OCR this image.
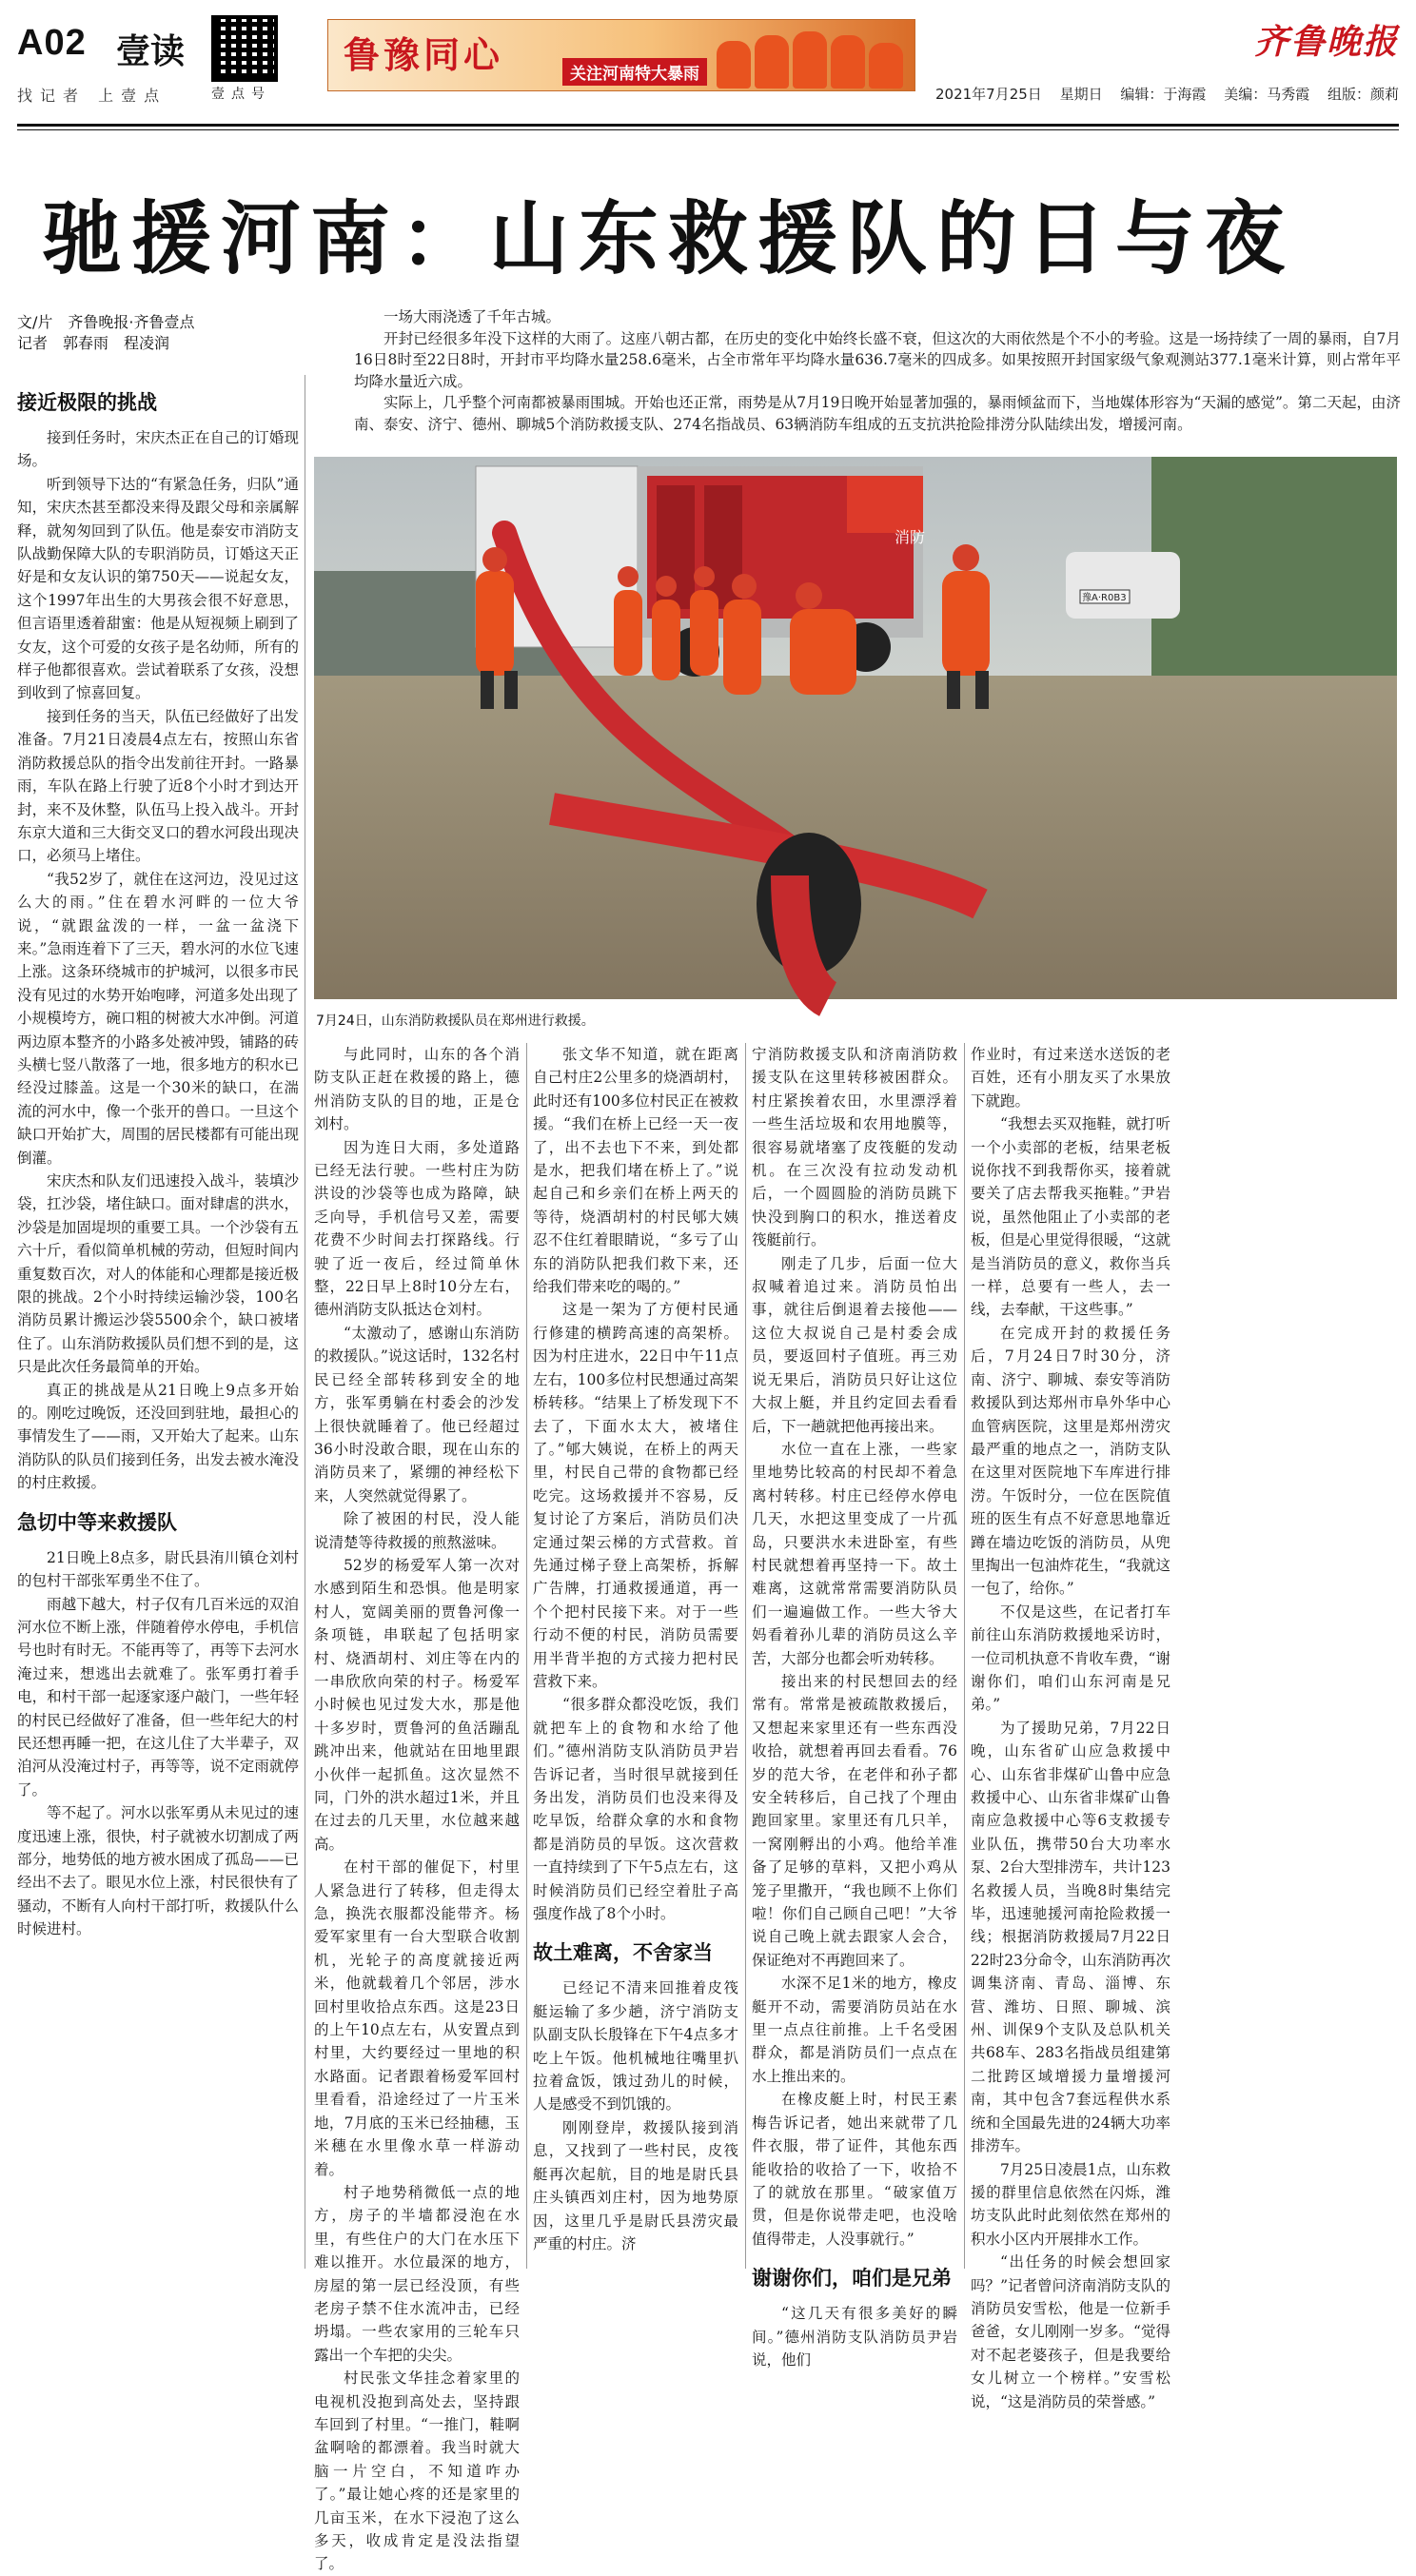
A02 壹读
找记者 上壹点	壹点号
鲁豫同心	关注河南特大暴雨
齐鲁晚报
2021年7月25日 星期日 编辑：于海霞 美编：马秀霞 组版：颜莉
驰援河南：山东救援队的日与夜
文/片　齐鲁晚报·齐鲁壹点
记者　郭春雨　程凌润

一场大雨浇透了千年古城。

开封已经很多年没下这样的大雨了。这座八朝古都，在历史的变化中始终长盛不衰，但这次的大雨依然是个不小的考验。这是一场持续了一周的暴雨，自7月16日8时至22日8时，开封市平均降水量258.6毫米，占全市常年平均降水量636.7毫米的四成多。如果按照开封国家级气象观测站377.1毫米计算，则占常年平均降水量近六成。

实际上，几乎整个河南都被暴雨围城。开始也还正常，雨势是从7月19日晚开始显著加强的，暴雨倾盆而下，当地媒体形容为“天漏的感觉”。第二天起，由济南、泰安、济宁、德州、聊城5个消防救援支队、274名指战员、63辆消防车组成的五支抗洪抢险排涝分队陆续出发，增援河南。

接近极限的挑战

接到任务时，宋庆杰正在自己的订婚现场。

听到领导下达的“有紧急任务，归队”通知，宋庆杰甚至都没来得及跟父母和亲属解释，就匆匆回到了队伍。他是泰安市消防支队战勤保障大队的专职消防员，订婚这天正好是和女友认识的第750天——说起女友，这个1997年出生的大男孩会很不好意思，但言语里透着甜蜜：他是从短视频上刷到了女友，这个可爱的女孩子是名幼师，所有的样子他都很喜欢。尝试着联系了女孩，没想到收到了惊喜回复。

接到任务的当天，队伍已经做好了出发准备。7月21日凌晨4点左右，按照山东省消防救援总队的指令出发前往开封。一路暴雨，车队在路上行驶了近8个小时才到达开封，来不及休整，队伍马上投入战斗。开封东京大道和三大街交叉口的碧水河段出现决口，必须马上堵住。

“我52岁了，就住在这河边，没见过这么大的雨。”住在碧水河畔的一位大爷说，“就跟盆泼的一样，一盆一盆浇下来。”急雨连着下了三天，碧水河的水位飞速上涨。这条环绕城市的护城河，以很多市民没有见过的水势开始咆哮，河道多处出现了小规模垮方，碗口粗的树被大水冲倒。河道两边原本整齐的小路多处被冲毁，铺路的砖头横七竖八散落了一地，很多地方的积水已经没过膝盖。这是一个30米的缺口，在湍流的河水中，像一个张开的兽口。一旦这个缺口开始扩大，周围的居民楼都有可能出现倒灌。

宋庆杰和队友们迅速投入战斗，装填沙袋，扛沙袋，堵住缺口。面对肆虐的洪水，沙袋是加固堤坝的重要工具。一个沙袋有五六十斤，看似简单机械的劳动，但短时间内重复数百次，对人的体能和心理都是接近极限的挑战。2个小时持续运输沙袋，100名消防员累计搬运沙袋5500余个，缺口被堵住了。山东消防救援队员们想不到的是，这只是此次任务最简单的开始。

真正的挑战是从21日晚上9点多开始的。刚吃过晚饭，还没回到驻地，最担心的事情发生了——雨，又开始大了起来。山东消防队的队员们接到任务，出发去被水淹没的村庄救援。

急切中等来救援队

21日晚上8点多，尉氏县洧川镇仓刘村的包村干部张军勇坐不住了。

雨越下越大，村子仅有几百米远的双洎河水位不断上涨，伴随着停水停电，手机信号也时有时无。不能再等了，再等下去河水淹过来，想逃出去就难了。张军勇打着手电，和村干部一起逐家逐户敲门，一些年轻的村民已经做好了准备，但一些年纪大的村民还想再睡一把，在这儿住了大半辈子，双洎河从没淹过村子，再等等，说不定雨就停了。

等不起了。河水以张军勇从未见过的速度迅速上涨，很快，村子就被水切割成了两部分，地势低的地方被水困成了孤岛——已经出不去了。眼见水位上涨，村民很快有了骚动，不断有人向村干部打听，救援队什么时候进村。

消防
豫A·R0B3
7月24日，山东消防救援队员在郑州进行救援。

与此同时，山东的各个消防支队正赶在救援的路上，德州消防支队的目的地，正是仓刘村。

因为连日大雨，多处道路已经无法行驶。一些村庄为防洪设的沙袋等也成为路障，缺乏向导，手机信号又差，需要花费不少时间去打探路线。行驶了近一夜后，经过简单休整，22日早上8时10分左右，德州消防支队抵达仓刘村。

“太激动了，感谢山东消防的救援队。”说这话时，132名村民已经全部转移到安全的地方，张军勇躺在村委会的沙发上很快就睡着了。他已经超过36小时没敢合眼，现在山东的消防员来了，紧绷的神经松下来，人突然就觉得累了。

除了被困的村民，没人能说清楚等待救援的煎熬滋味。

52岁的杨爱军人第一次对水感到陌生和恐惧。他是明家村人，宽阔美丽的贾鲁河像一条项链，串联起了包括明家村、烧酒胡村、刘庄等在内的一串欣欣向荣的村子。杨爱军小时候也见过发大水，那是他十多岁时，贾鲁河的鱼活蹦乱跳冲出来，他就站在田地里跟小伙伴一起抓鱼。这次显然不同，门外的洪水超过1米，并且在过去的几天里，水位越来越高。

在村干部的催促下，村里人紧急进行了转移，但走得太急，换洗衣服都没能带齐。杨爱军家里有一台大型联合收割机，光轮子的高度就接近两米，他就载着几个邻居，涉水回村里收拾点东西。这是23日的上午10点左右，从安置点到村里，大约要经过一里地的积水路面。记者跟着杨爱军回村里看看，沿途经过了一片玉米地，7月底的玉米已经抽穗，玉米穗在水里像水草一样游动着。

村子地势稍微低一点的地方，房子的半墙都浸泡在水里，有些住户的大门在水压下难以推开。水位最深的地方，房屋的第一层已经没顶，有些老房子禁不住水流冲击，已经坍塌。一些农家用的三轮车只露出一个车把的尖尖。

村民张文华挂念着家里的电视机没抱到高处去，坚持跟车回到了村里。“一推门，鞋啊盆啊啥的都漂着。我当时就大脑一片空白，不知道咋办了。”最让她心疼的还是家里的几亩玉米，在水下浸泡了这么多天，收成肯定是没法指望了。

张文华不知道，就在距离自己村庄2公里多的烧酒胡村，此时还有100多位村民正在被救援。“我们在桥上已经一天一夜了，出不去也下不来，到处都是水，把我们堵在桥上了。”说起自己和乡亲们在桥上两天的等待，烧酒胡村的村民郇大姨忍不住红着眼睛说，“多亏了山东的消防队把我们救下来，还给我们带来吃的喝的。”

这是一架为了方便村民通行修建的横跨高速的高架桥。因为村庄进水，22日中午11点左右，100多位村民想通过高架桥转移。“结果上了桥发现下不去了，下面水太大，被堵住了。”郇大姨说，在桥上的两天里，村民自己带的食物都已经吃完。这场救援并不容易，反复讨论了方案后，消防员们决定通过架云梯的方式营救。首先通过梯子登上高架桥，拆解广告牌，打通救援通道，再一个个把村民接下来。对于一些行动不便的村民，消防员需要用半背半抱的方式接力把村民营救下来。

“很多群众都没吃饭，我们就把车上的食物和水给了他们。”德州消防支队消防员尹岩告诉记者，当时很早就接到任务出发，消防员们也没来得及吃早饭，给群众拿的水和食物都是消防员的早饭。这次营救一直持续到了下午5点左右，这时候消防员们已经空着肚子高强度作战了8个小时。

故土难离，不舍家当

已经记不清来回推着皮筏艇运输了多少趟，济宁消防支队副支队长殷锋在下午4点多才吃上午饭。他机械地往嘴里扒拉着盒饭，饿过劲儿的时候，人是感受不到饥饿的。

刚刚登岸，救援队接到消息，又找到了一些村民，皮筏艇再次起航，目的地是尉氏县庄头镇西刘庄村，因为地势原因，这里几乎是尉氏县涝灾最严重的村庄。济

宁消防救援支队和济南消防救援支队在这里转移被困群众。村庄紧挨着农田，水里漂浮着一些生活垃圾和农用地膜等，很容易就堵塞了皮筏艇的发动机。在三次没有拉动发动机后，一个圆圆脸的消防员跳下快没到胸口的积水，推送着皮筏艇前行。

刚走了几步，后面一位大叔喊着追过来。消防员怕出事，就往后倒退着去接他——这位大叔说自己是村委会成员，要返回村子值班。再三劝说无果后，消防员只好让这位大叔上艇，并且约定回去看看后，下一趟就把他再接出来。

水位一直在上涨，一些家里地势比较高的村民却不着急离村转移。村庄已经停水停电几天，水把这里变成了一片孤岛，只要洪水未进卧室，有些村民就想着再坚持一下。故土难离，这就常常需要消防队员们一遍遍做工作。一些大爷大妈看着孙儿辈的消防员这么辛苦，大部分也都会听劝转移。

接出来的村民想回去的经常有。常常是被疏散救援后，又想起来家里还有一些东西没收拾，就想着再回去看看。76岁的范大爷，在老伴和孙子都安全转移后，自己找了个理由跑回家里。家里还有几只羊，一窝刚孵出的小鸡。他给羊准备了足够的草料，又把小鸡从笼子里撒开，“我也顾不上你们啦！你们自己顾自己吧！”大爷说自己晚上就去跟家人会合，保证绝对不再跑回来了。

水深不足1米的地方，橡皮艇开不动，需要消防员站在水里一点点往前推。上千名受困群众，都是消防员们一点点在水上推出来的。

在橡皮艇上时，村民王素梅告诉记者，她出来就带了几件衣服，带了证件，其他东西能收拾的收拾了一下，收拾不了的就放在那里。“破家值万贯，但是你说带走吧，也没啥值得带走，人没事就行。”

谢谢你们，咱们是兄弟

“这几天有很多美好的瞬间。”德州消防支队消防员尹岩说，他们

作业时，有过来送水送饭的老百姓，还有小朋友买了水果放下就跑。

“我想去买双拖鞋，就打听一个小卖部的老板，结果老板说你找不到我帮你买，接着就要关了店去帮我买拖鞋。”尹岩说，虽然他阻止了小卖部的老板，但是心里觉得很暖，“这就是当消防员的意义，救你当兵一样，总要有一些人，去一线，去奉献，干这些事。”

在完成开封的救援任务后，7月24日7时30分，济南、济宁、聊城、泰安等消防救援队到达郑州市阜外华中心血管病医院，这里是郑州涝灾最严重的地点之一，消防支队在这里对医院地下车库进行排涝。午饭时分，一位在医院值班的医生有点不好意思地靠近蹲在墙边吃饭的消防员，从兜里掏出一包油炸花生，“我就这一包了，给你。”

不仅是这些，在记者打车前往山东消防救援地采访时，一位司机执意不肯收车费，“谢谢你们，咱们山东河南是兄弟。”

为了援助兄弟，7月22日晚，山东省矿山应急救援中心、山东省非煤矿山鲁中应急救援中心、山东省非煤矿山鲁南应急救援中心等6支救援专业队伍，携带50台大功率水泵、2台大型排涝车，共计123名救援人员，当晚8时集结完毕，迅速驰援河南抢险救援一线；根据消防救援局7月22日22时23分命令，山东消防再次调集济南、青岛、淄博、东营、潍坊、日照、聊城、滨州、训保9个支队及总队机关共68车、283名指战员组建第二批跨区域增援力量增援河南，其中包含7套远程供水系统和全国最先进的24辆大功率排涝车。

7月25日凌晨1点，山东救援的群里信息依然在闪烁，潍坊支队此时此刻依然在郑州的积水小区内开展排水工作。

“出任务的时候会想回家吗？”记者曾问济南消防支队的消防员安雪松，他是一位新手爸爸，女儿刚刚一岁多。“觉得对不起老婆孩子，但是我要给女儿树立一个榜样。”安雪松说，“这是消防员的荣誉感。”
